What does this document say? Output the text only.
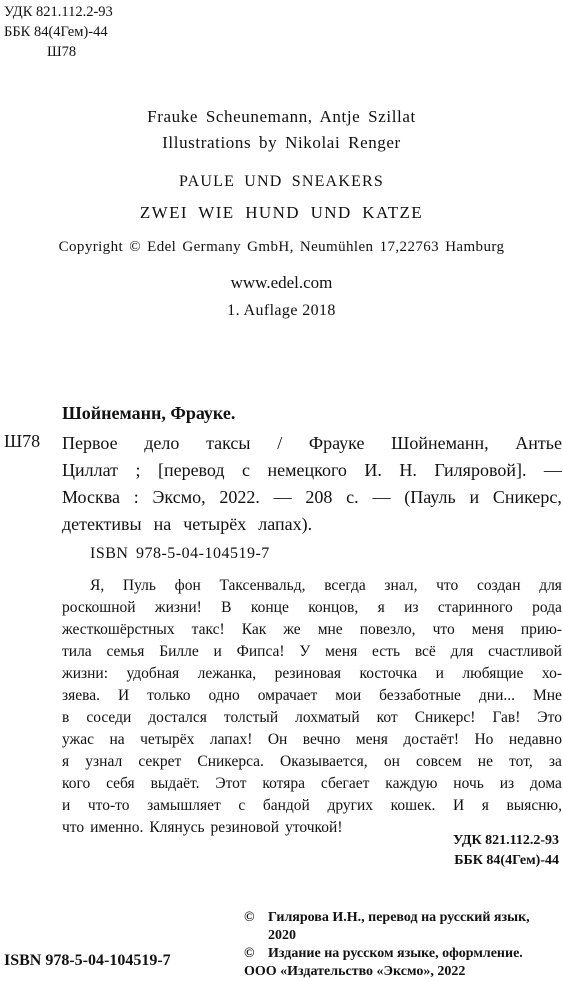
УДК 821.112.2-93
ББК 84(4Гем)-44
Ш78
Frauke Scheunemann, Antje Szillat
Illustrations by Nikolai Renger
PAULE UND SNEAKERS
ZWEI WIE HUND UND KATZE
Copyright © Edel Germany GmbH, Neumühlen 17,22763 Hamburg
www.edel.com
1. Auflage 2018
Шойнеманн, Фрауке.
Ш78 Первое дело таксы / Фрауке Шойнеманн, Антье
Циллат ; [перевод с немецкого И. Н. Гиляровой]. —
Москва : Эксмо, 2022. — 208 с. — (Пауль и Сникерс,
детективы на четырёх лапах).
ISBN 978-5-04-104519-7
Я, Пуль фон Таксенвальд, всегда знал, что создан для
роскошной жизни! В конце концов, я из старинного рода
жесткошёрстных такс! Как же мне повезло, что меня прию-
тила семья Билле и Фипса! У меня есть всё для счастливой
жизни: удобная лежанка, резиновая косточка и любящие хо-
зяева. И только одно омрачает мои беззаботные дни... Мне
в соседи достался толстый лохматый кот Сникерс! Гав! Это
ужас на четырёх лапах! Он вечно меня достаёт! Но недавно
я узнал секрет Сникерса. Оказывается, он совсем не тот, за
кого себя выдаёт. Этот котяра сбегает каждую ночь из дома
и что-то замышляет с бандой других кошек. И я выясню,
что именно. Клянусь резиновой уточкой!
УДК 821.112.2-93
ББК 84(4Гем)-44
© Гилярова И.Н., перевод на русский язык,
2020
© Издание на русском языке, оформление.
ООО «Издательство «Эксмо», 2022
ISBN 978-5-04-104519-7
